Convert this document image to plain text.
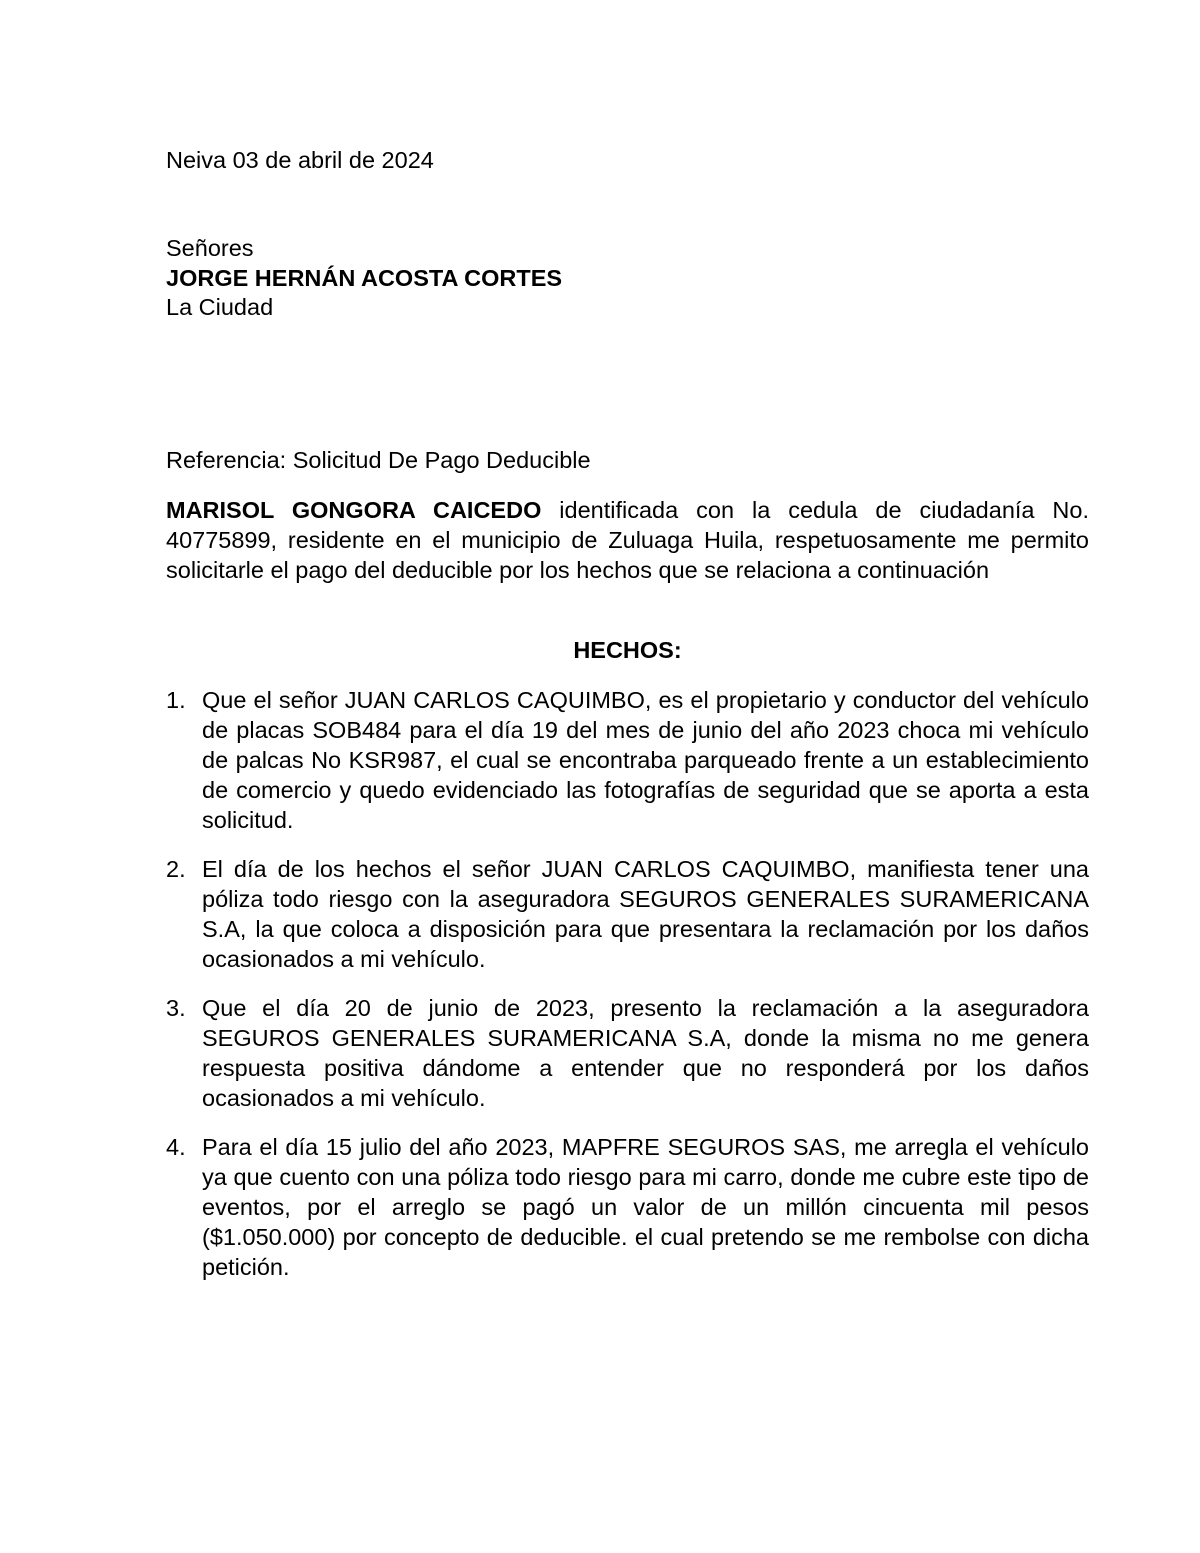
Neiva 03 de abril de 2024
Señores
JORGE HERNÁN ACOSTA CORTES
La Ciudad
Referencia: Solicitud De Pago Deducible
MARISOL GONGORA CAICEDO identificada con la cedula de ciudadanía No. 40775899, residente en el municipio de Zuluaga Huila, respetuosamente me permito solicitarle el pago del deducible por los hechos que se relaciona a continuación
HECHOS:
1. Que el señor JUAN CARLOS CAQUIMBO, es el propietario y conductor del vehículo de placas SOB484 para el día 19 del mes de junio del año 2023 choca mi vehículo de palcas No KSR987, el cual se encontraba parqueado frente a un establecimiento de comercio y quedo evidenciado las fotografías de seguridad que se aporta a esta solicitud.
2. El día de los hechos el señor JUAN CARLOS CAQUIMBO, manifiesta tener una póliza todo riesgo con la aseguradora SEGUROS GENERALES SURAMERICANA S.A, la que coloca a disposición para que presentara la reclamación por los daños ocasionados a mi vehículo.
3. Que el día 20 de junio de 2023, presento la reclamación a la aseguradora SEGUROS GENERALES SURAMERICANA S.A, donde la misma no me genera respuesta positiva dándome a entender que no responderá por los daños ocasionados a mi vehículo.
4. Para el día 15 julio del año 2023, MAPFRE SEGUROS SAS, me arregla el vehículo ya que cuento con una póliza todo riesgo para mi carro, donde me cubre este tipo de eventos, por el arreglo se pagó un valor de un millón cincuenta mil pesos ($1.050.000) por concepto de deducible. el cual pretendo se me rembolse con dicha petición.
